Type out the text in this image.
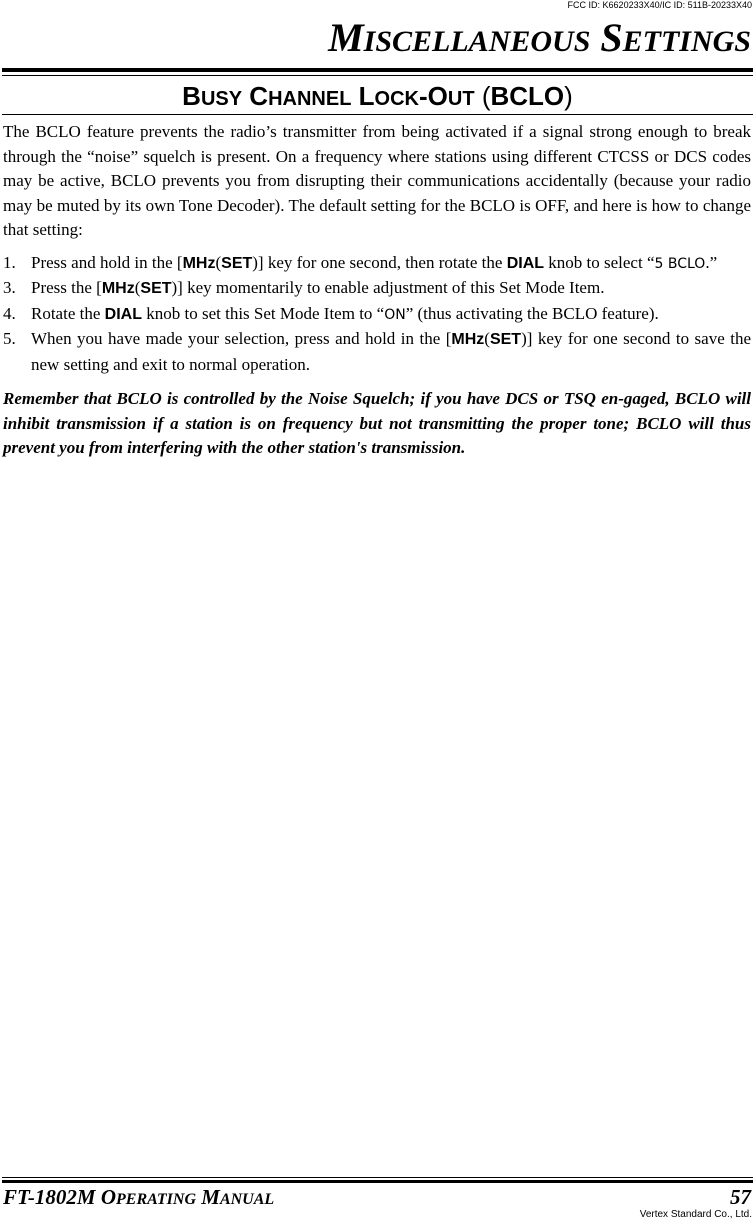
FCC ID: K6620233X40/IC ID: 511B-20233X40
MISCELLANEOUS SETTINGS
BUSY CHANNEL LOCK-OUT (BCLO)

The BCLO feature prevents the radio’s transmitter from being activated if a signal strong enough to break through the “noise” squelch is present. On a frequency where stations using different CTCSS or DCS codes may be active, BCLO prevents you from disrupting their communications accidentally (because your radio may be muted by its own Tone Decoder). The default setting for the BCLO is OFF, and here is how to change that setting:

1. Press and hold in the [MHz(SET)] key for one second, then rotate the DIAL knob to select “5 BCLO.”
3. Press the [MHz(SET)] key momentarily to enable adjustment of this Set Mode Item.
4. Rotate the DIAL knob to set this Set Mode Item to “ON” (thus activating the BCLO feature).
5. When you have made your selection, press and hold in the [MHz(SET)] key for one second to save the new setting and exit to normal operation.

Remember that BCLO is controlled by the Noise Squelch; if you have DCS or TSQ en-gaged, BCLO will inhibit transmission if a station is on frequency but not transmitting the proper tone; BCLO will thus prevent you from interfering with the other station's transmission.

FT-1802M OPERATING MANUAL	57
Vertex Standard Co., Ltd.
